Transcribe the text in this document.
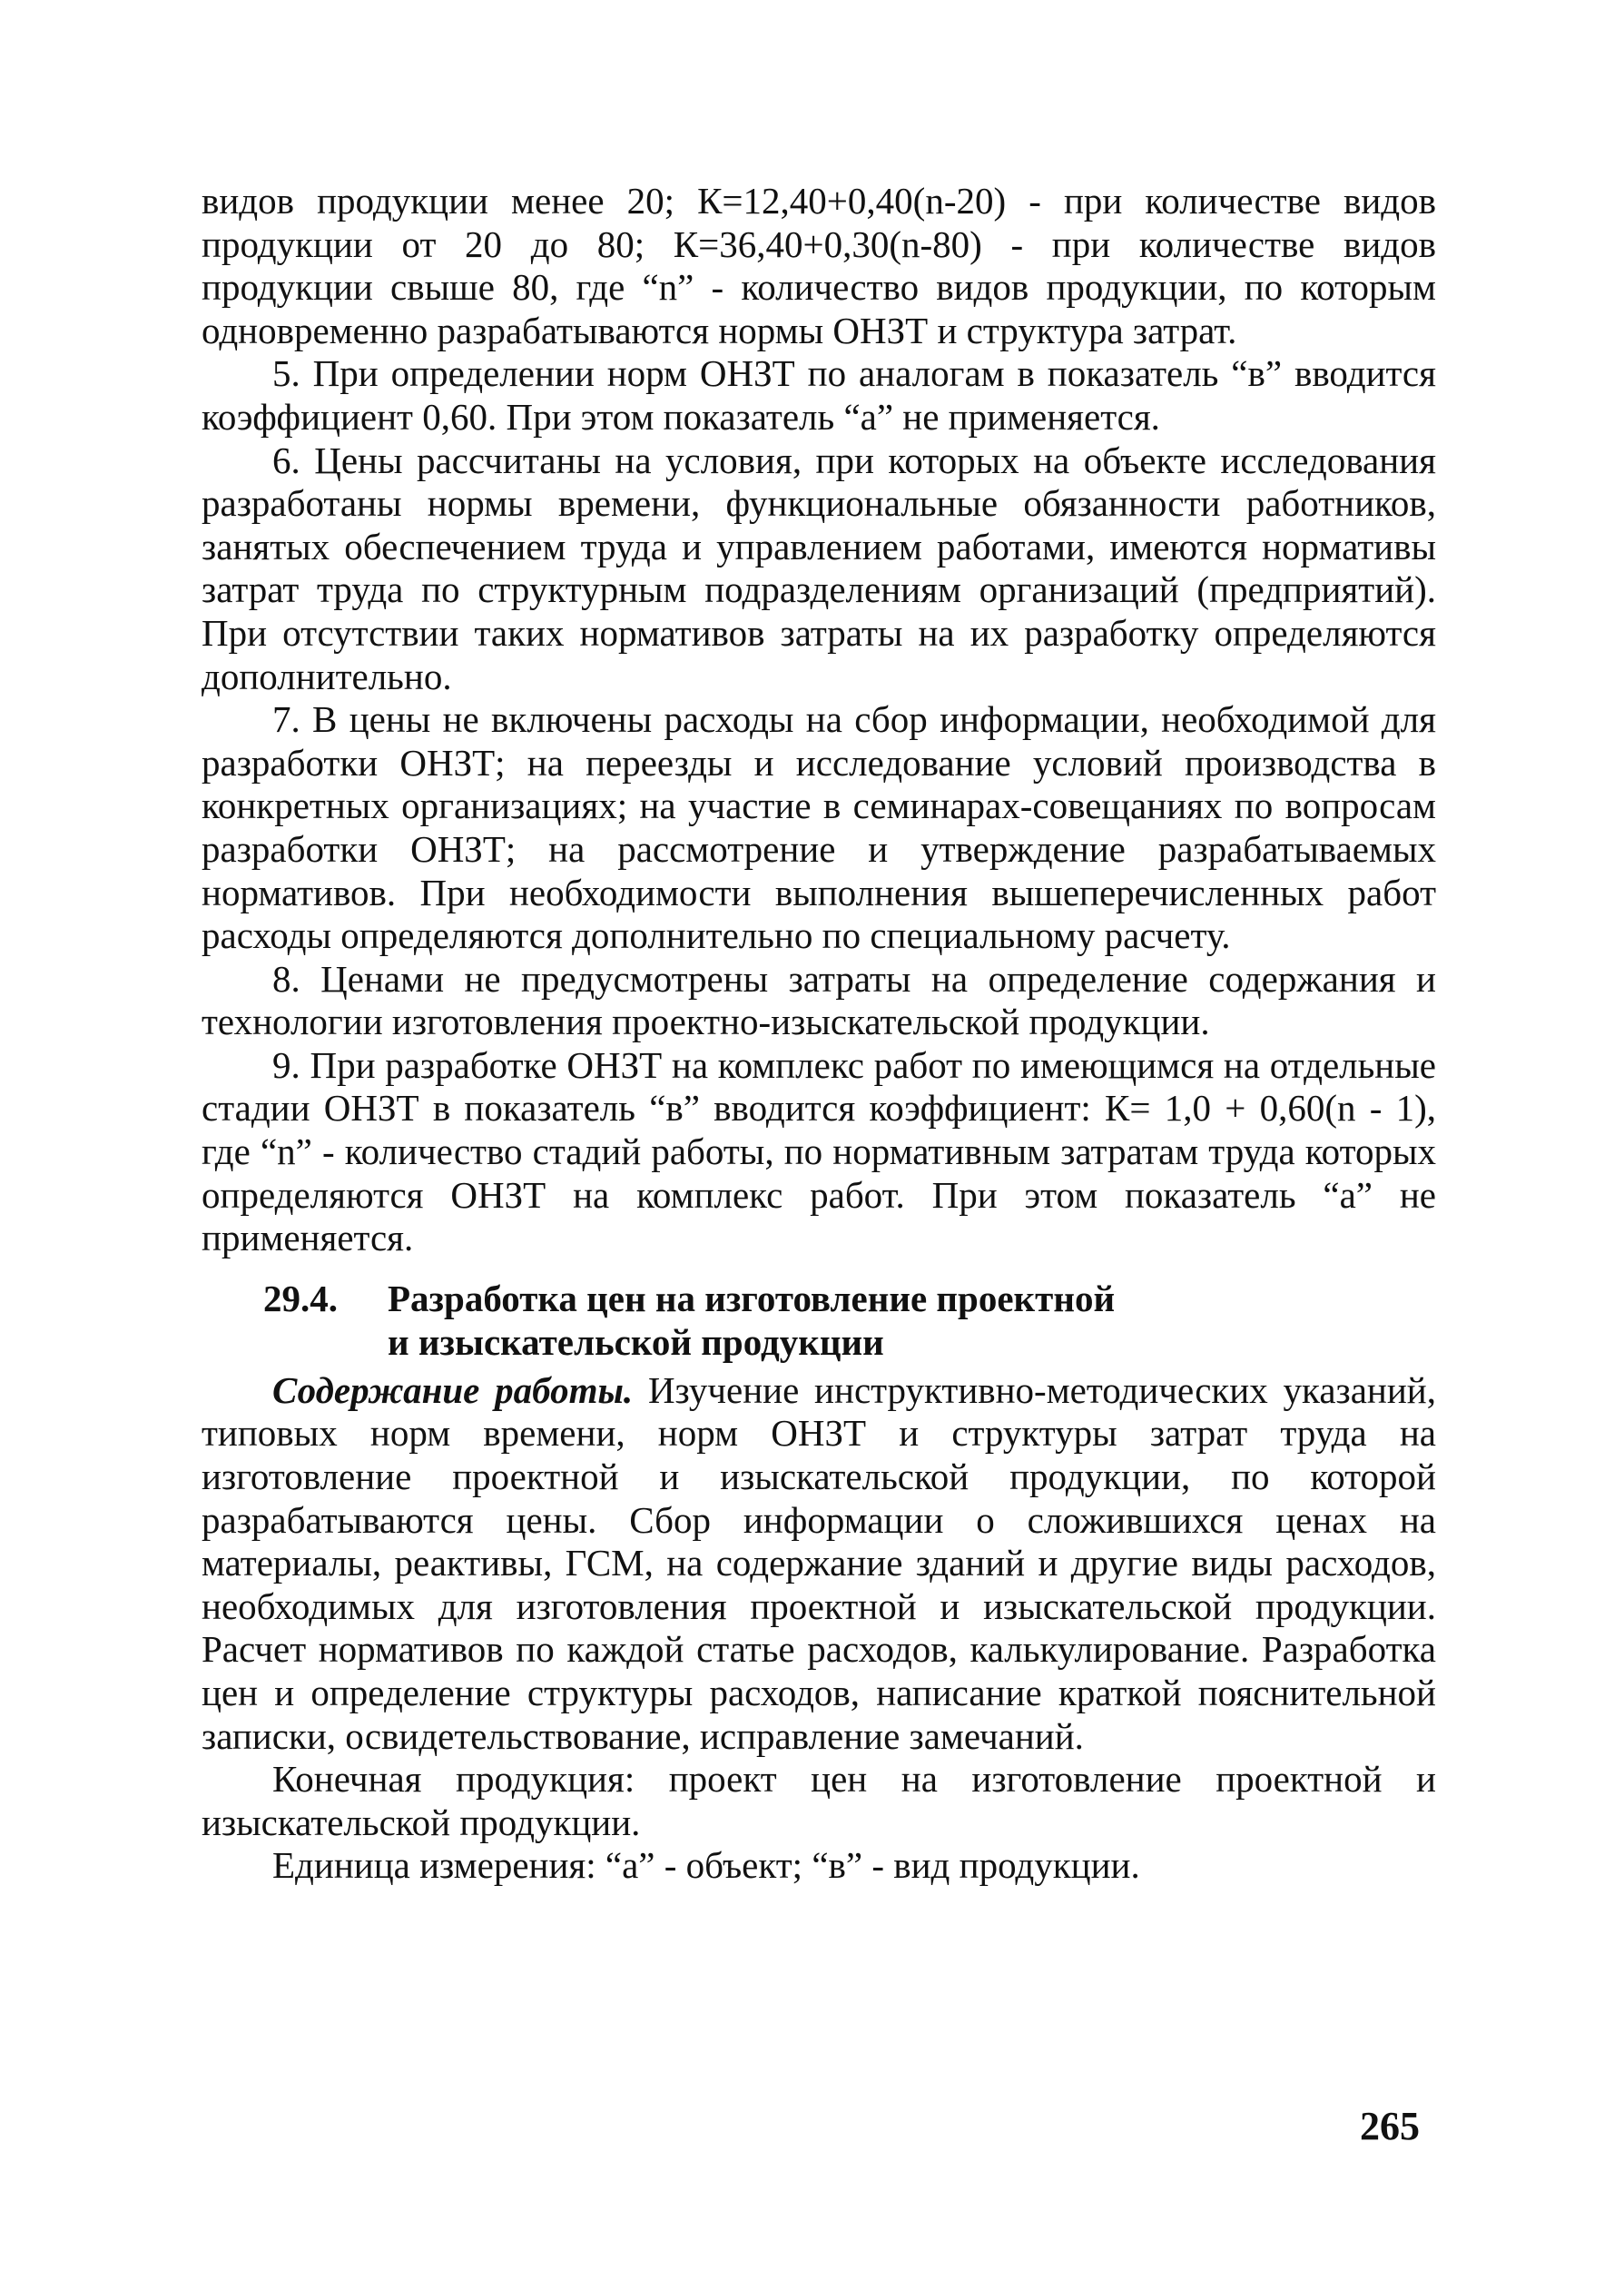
видов продукции менее 20; К=12,40+0,40(n-20) - при количестве видов продукции от 20 до 80; К=36,40+0,30(n-80) - при количестве видов продукции свыше 80, где “n” - количество видов продукции, по которым одновременно разрабатываются нормы ОНЗТ и структура затрат.

5. При определении норм ОНЗТ по аналогам в показатель “в” вводится коэффициент 0,60. При этом показатель “а” не применяется.

6. Цены рассчитаны на условия, при которых на объекте исследования разработаны нормы времени, функциональные обязанности работников, занятых обеспечением труда и управлением работами, имеются нормативы затрат труда по структурным подразделениям организаций (предприятий). При отсутствии таких нормативов затраты на их разработку определяются дополнительно.

7. В цены не включены расходы на сбор информации, необходимой для разработки ОНЗТ; на переезды и исследование условий производства в конкретных организациях; на участие в семинарах-совещаниях по вопросам разработки ОНЗТ; на рассмотрение и утверждение разрабатываемых нормативов. При необходимости выполнения вышеперечисленных работ расходы определяются дополнительно по специальному расчету.

8. Ценами не предусмотрены затраты на определение содержания и технологии изготовления проектно-изыскательской продукции.

9. При разработке ОНЗТ на комплекс работ по имеющимся на отдельные стадии ОНЗТ в показатель “в” вводится коэффициент: К= 1,0 + 0,60(n - 1), где “n” - количество стадий работы, по нормативным затратам труда которых определяются ОНЗТ на комплекс работ. При этом показатель “а” не применяется.

29.4.	Разработка цен на изготовление проектной
и изыскательской продукции

Содержание работы. Изучение инструктивно-методических указаний, типовых норм времени, норм ОНЗТ и структуры затрат труда на изготовление проектной и изыскательской продукции, по которой разрабатываются цены. Сбор информации о сложившихся ценах на материалы, реактивы, ГСМ, на содержание зданий и другие виды расходов, необходимых для изготовления проектной и изыскательской продукции. Расчет нормативов по каждой статье расходов, калькулирование. Разработка цен и определение структуры расходов, написание краткой пояснительной записки, освидетельствование, исправление замечаний.

Конечная продукция: проект цен на изготовление проектной и изыскательской продукции.

Единица измерения: “а” - объект; “в” - вид продукции.

265
